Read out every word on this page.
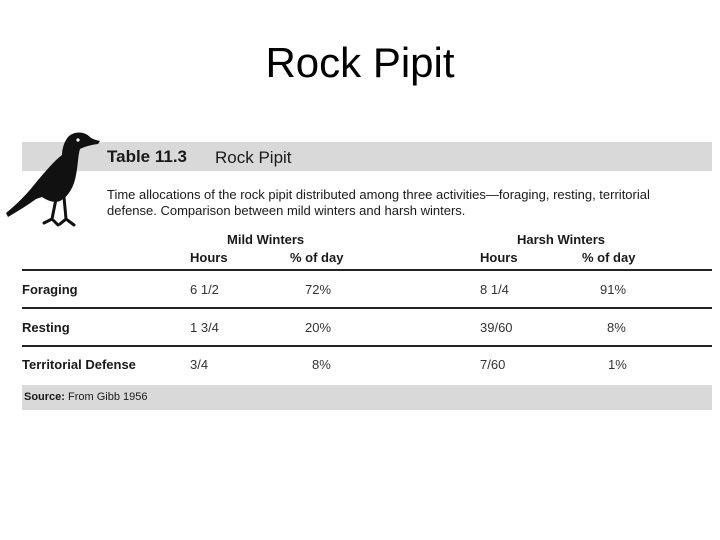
Rock Pipit
Table 11.3 Rock Pipit
Time allocations of the rock pipit distributed among three activities—foraging, resting, territorial defense. Comparison between mild winters and harsh winters.
Mild Winters	Harsh Winters
Hours	% of day	Hours	% of day
Foraging	6 1/2	72%	8 1/4	91%
Resting	1 3/4	20%	39/60	8%
Territorial Defense	3/4	8%	7/60	1%
Source: From Gibb 1956
